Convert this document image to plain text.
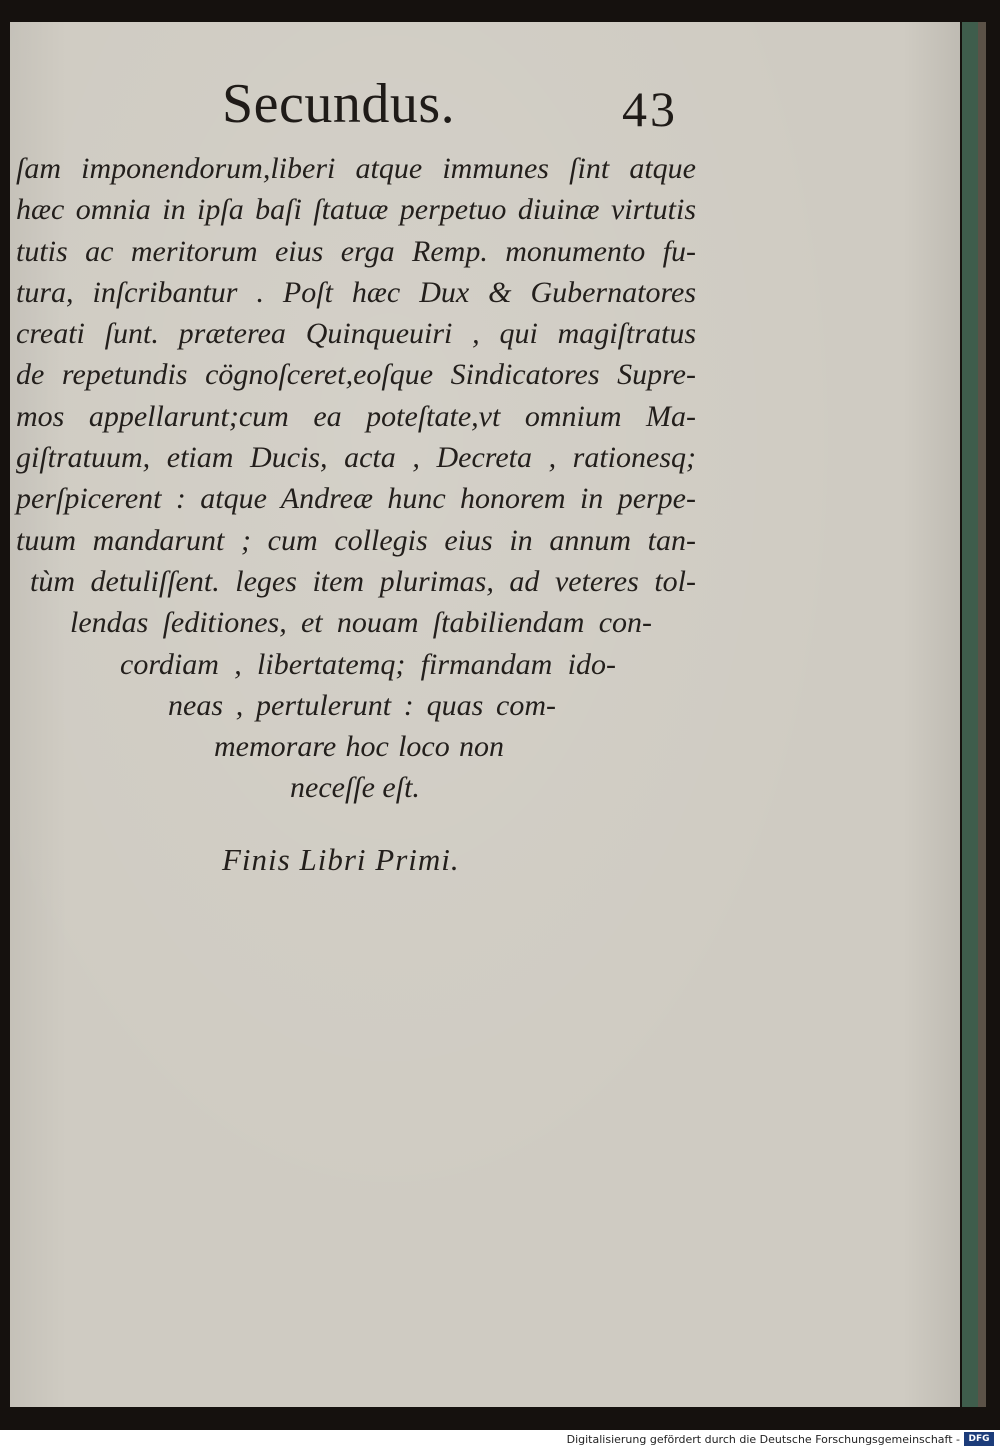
Secundus.	43
ſam imponendorum,liberi atque immunes ſint atque
hæc omnia in ipſa baſi ſtatuæ perpetuo diuinæ virtutis
tutis ac meritorum eius erga Remp. monumento fu-
tura, inſcribantur . Poſt hæc Dux & Gubernatores
creati ſunt. præterea Quinqueuiri , qui magiſtratus
de repetundis cögnoſceret,eoſque Sindicatores Supre-
mos appellarunt;cum ea poteſtate,vt omnium Ma-
giſtratuum, etiam Ducis, acta , Decreta , rationesq;
perſpicerent : atque Andreæ hunc honorem in perpe-
tuum mandarunt ; cum collegis eius in annum tan-
tùm detuliſſent. leges item plurimas, ad veteres tol-
lendas ſeditiones, et nouam ſtabiliendam con-
cordiam , libertatemq; firmandam ido-
neas , pertulerunt : quas com-
memorare hoc loco non
neceſſe eſt.
Finis Libri Primi.
Digitalisierung gefördert durch die Deutsche Forschungsgemeinschaft - DFG
